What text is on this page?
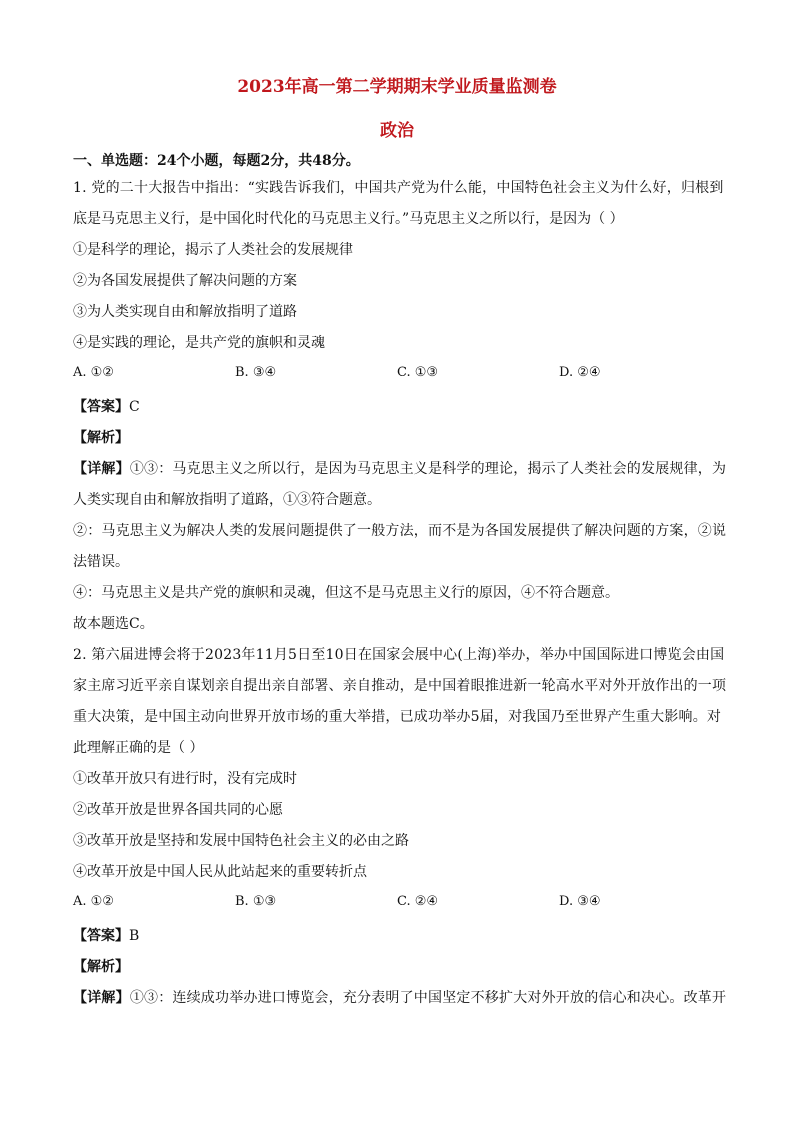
2023年高一第二学期期末学业质量监测卷
政治
一、单选题：24个小题，每题2分，共48分。
1. 党的二十大报告中指出：“实践告诉我们，中国共产党为什么能，中国特色社会主义为什么好，归根到
底是马克思主义行，是中国化时代化的马克思主义行。”马克思主义之所以行，是因为（ ）
①是科学的理论，揭示了人类社会的发展规律
②为各国发展提供了解决问题的方案
③为人类实现自由和解放指明了道路
④是实践的理论，是共产党的旗帜和灵魂
A. ①②	B. ③④	C. ①③	D. ②④
【答案】C
【解析】
【详解】①③：马克思主义之所以行，是因为马克思主义是科学的理论，揭示了人类社会的发展规律，为
人类实现自由和解放指明了道路，①③符合题意。
②：马克思主义为解决人类的发展问题提供了一般方法，而不是为各国发展提供了解决问题的方案，②说
法错误。
④：马克思主义是共产党的旗帜和灵魂，但这不是马克思主义行的原因，④不符合题意。
故本题选C。
2. 第六届进博会将于2023年11月5日至10日在国家会展中心(上海)举办，举办中国国际进口博览会由国
家主席习近平亲自谋划亲自提出亲自部署、亲自推动，是中国着眼推进新一轮高水平对外开放作出的一项
重大决策，是中国主动向世界开放市场的重大举措，已成功举办5届，对我国乃至世界产生重大影响。对
此理解正确的是（ ）
①改革开放只有进行时，没有完成时
②改革开放是世界各国共同的心愿
③改革开放是坚持和发展中国特色社会主义的必由之路
④改革开放是中国人民从此站起来的重要转折点
A. ①②	B. ①③	C. ②④	D. ③④
【答案】B
【解析】
【详解】①③：连续成功举办进口博览会，充分表明了中国坚定不移扩大对外开放的信心和决心。改革开
